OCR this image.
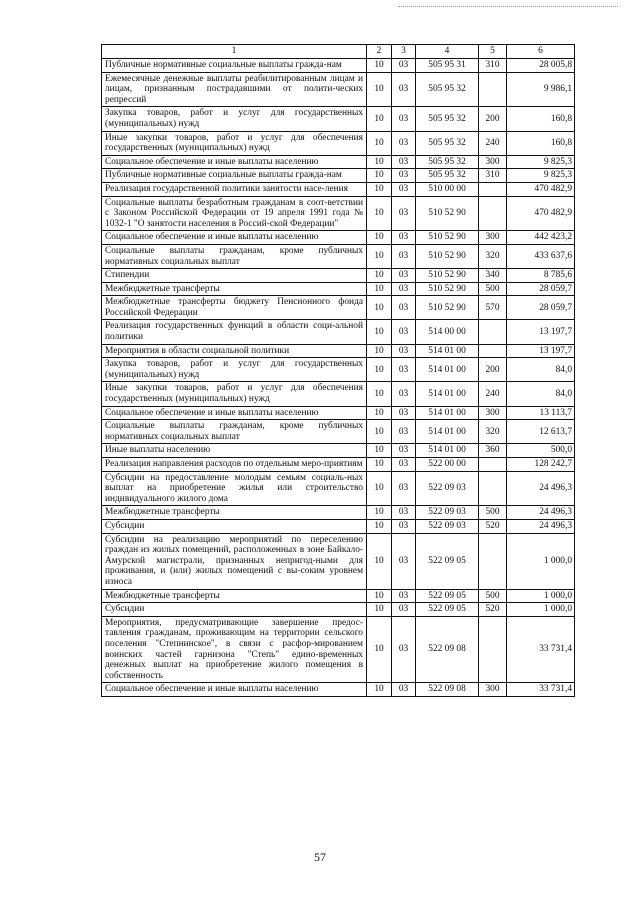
1	2	3	4	5	6
Публичные нормативные социальные выплаты гражда-нам	10	03	505 95 31	310	28 005,8
Ежемесячные денежные выплаты реабилитированным лицам и лицам, признанным пострадавшими от полити-ческих репрессий	10	03	505 95 32		9 986,1
Закупка товаров, работ и услуг для государственных (муниципальных) нужд	10	03	505 95 32	200	160,8
Иные закупки товаров, работ и услуг для обеспечения государственных (муниципальных) нужд	10	03	505 95 32	240	160,8
Социальное обеспечение и иные выплаты населению	10	03	505 95 32	300	9 825,3
Публичные нормативные социальные выплаты гражда-нам	10	03	505 95 32	310	9 825,3
Реализация государственной политики занятости насе-ления	10	03	510 00 00		470 482,9
Социальные выплаты безработным гражданам в соот-ветствии с Законом Российской Федерации от 19 апреля 1991 года № 1032-1 "О занятости населения в Россий-ской Федерации"	10	03	510 52 90		470 482,9
Социальное обеспечение и иные выплаты населению	10	03	510 52 90	300	442 423,2
Социальные выплаты гражданам, кроме публичных нормативных социальных выплат	10	03	510 52 90	320	433 637,6
Стипендии	10	03	510 52 90	340	8 785,6
Межбюджетные трансферты	10	03	510 52 90	500	28 059,7
Межбюджетные трансферты бюджету Пенсионного фонда Российской Федерации	10	03	510 52 90	570	28 059,7
Реализация государственных функций в области соци-альной политики	10	03	514 00 00		13 197,7
Мероприятия в области социальной политики	10	03	514 01 00		13 197,7
Закупка товаров, работ и услуг для государственных (муниципальных) нужд	10	03	514 01 00	200	84,0
Иные закупки товаров, работ и услуг для обеспечения государственных (муниципальных) нужд	10	03	514 01 00	240	84,0
Социальное обеспечение и иные выплаты населению	10	03	514 01 00	300	13 113,7
Социальные выплаты гражданам, кроме публичных нормативных социальных выплат	10	03	514 01 00	320	12 613,7
Иные выплаты населению	10	03	514 01 00	360	500,0
Реализация направления расходов по отдельным меро-приятиям	10	03	522 00 00		128 242,7
Субсидии на предоставление молодым семьям социаль-ных выплат на приобретение жилья или строительство индивидуального жилого дома	10	03	522 09 03		24 496,3
Межбюджетные трансферты	10	03	522 09 03	500	24 496,3
Субсидии	10	03	522 09 03	520	24 496,3
Субсидии на реализацию мероприятий по переселению граждан из жилых помещений, расположенных в зоне Байкало-Амурской магистрали, признанных непригод-ными для проживания, и (или) жилых помещений с вы-соким уровнем износа	10	03	522 09 05		1 000,0
Межбюджетные трансферты	10	03	522 09 05	500	1 000,0
Субсидии	10	03	522 09 05	520	1 000,0
Мероприятия, предусматривающие завершение предос-тавления гражданам, проживающим на территории сельского поселения "Степнинское", в связи с расфор-мированием воинских частей гарнизона "Степь" едино-временных денежных выплат на приобретение жилого помещения в собственность	10	03	522 09 08		33 731,4
Социальное обеспечение и иные выплаты населению	10	03	522 09 08	300	33 731,4
57
